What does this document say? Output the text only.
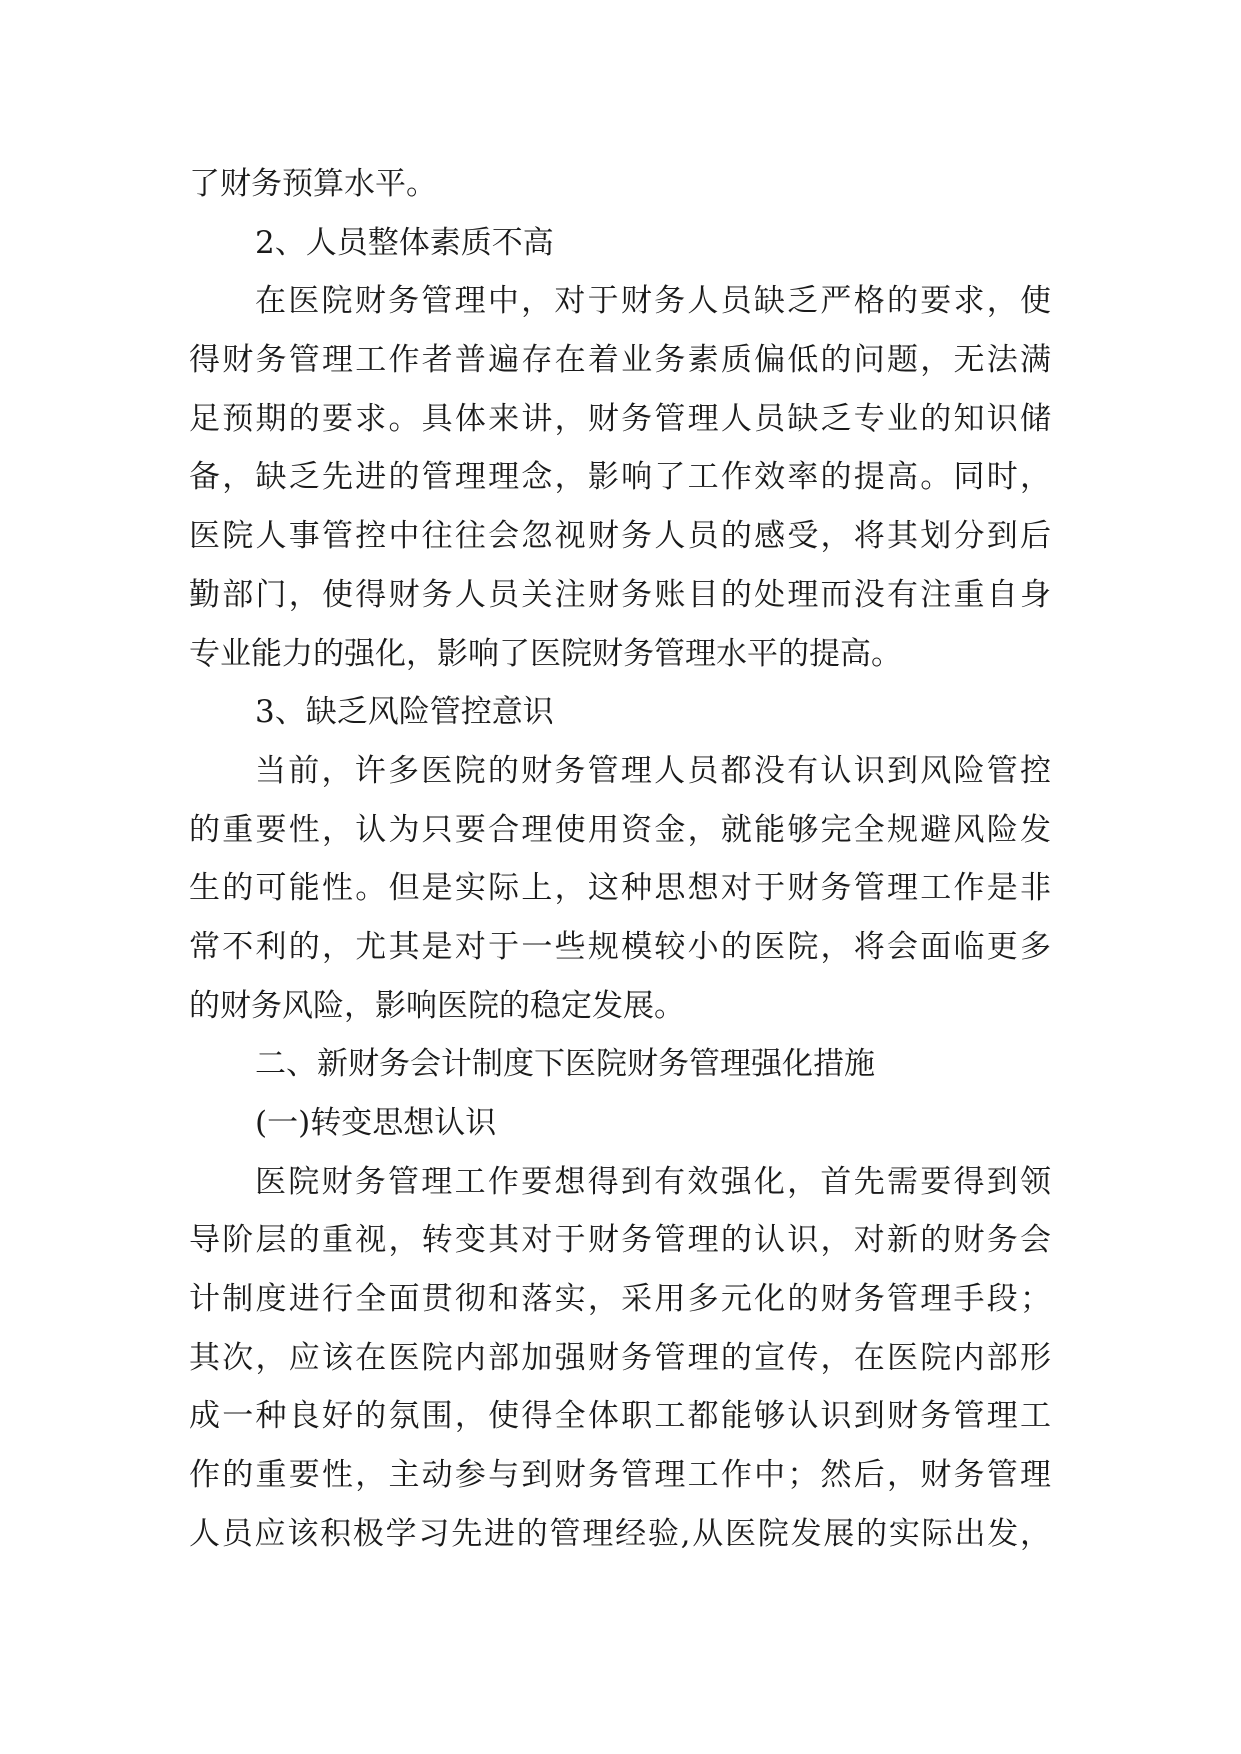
了财务预算水平。
2、人员整体素质不高
在医院财务管理中，对于财务人员缺乏严格的要求，使
得财务管理工作者普遍存在着业务素质偏低的问题，无法满
足预期的要求。具体来讲，财务管理人员缺乏专业的知识储
备，缺乏先进的管理理念，影响了工作效率的提高。同时，
医院人事管控中往往会忽视财务人员的感受，将其划分到后
勤部门，使得财务人员关注财务账目的处理而没有注重自身
专业能力的强化，影响了医院财务管理水平的提高。
3、缺乏风险管控意识
当前，许多医院的财务管理人员都没有认识到风险管控
的重要性，认为只要合理使用资金，就能够完全规避风险发
生的可能性。但是实际上，这种思想对于财务管理工作是非
常不利的，尤其是对于一些规模较小的医院，将会面临更多
的财务风险，影响医院的稳定发展。
二、新财务会计制度下医院财务管理强化措施
(一)转变思想认识
医院财务管理工作要想得到有效强化，首先需要得到领
导阶层的重视，转变其对于财务管理的认识，对新的财务会
计制度进行全面贯彻和落实，采用多元化的财务管理手段；
其次，应该在医院内部加强财务管理的宣传，在医院内部形
成一种良好的氛围，使得全体职工都能够认识到财务管理工
作的重要性，主动参与到财务管理工作中；然后，财务管理
人员应该积极学习先进的管理经验,从医院发展的实际出发，
